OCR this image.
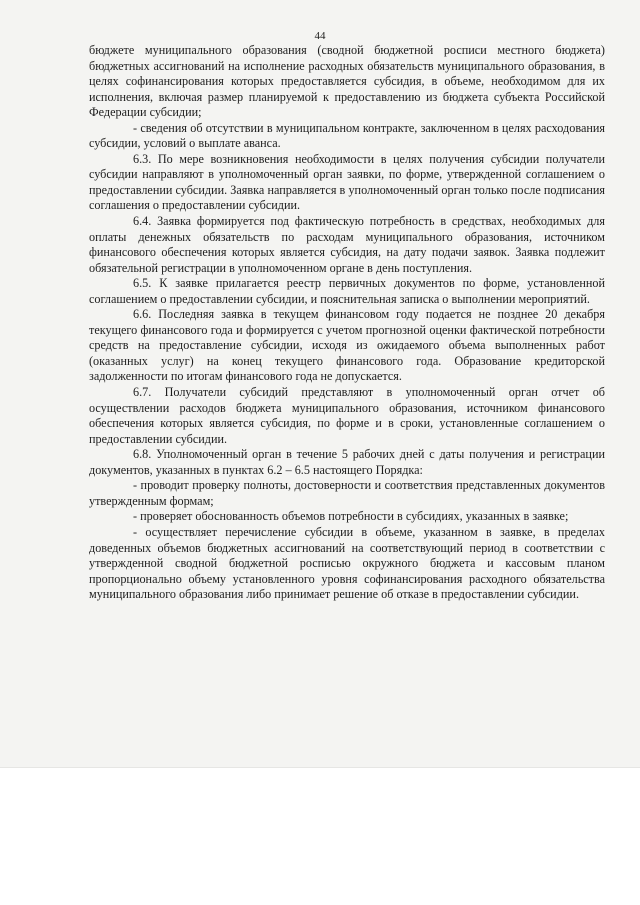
44

бюджете муниципального образования (сводной бюджетной росписи местного бюджета) бюджетных ассигнований на исполнение расходных обязательств муниципального образования, в целях софинансирования которых предоставляется субсидия, в объеме, необходимом для их исполнения, включая размер планируемой к предоставлению из бюджета субъекта Российской Федерации субсидии;

- сведения об отсутствии в муниципальном контракте, заключенном в целях расходования субсидии, условий о выплате аванса.

6.3. По мере возникновения необходимости в целях получения субсидии получатели субсидии направляют в уполномоченный орган заявки, по форме, утвержденной соглашением о предоставлении субсидии. Заявка направляется в уполномоченный орган только после подписания соглашения о предоставлении субсидии.

6.4. Заявка формируется под фактическую потребность в средствах, необходимых для оплаты денежных обязательств по расходам муниципального образования, источником финансового обеспечения которых является субсидия, на дату подачи заявок. Заявка подлежит обязательной регистрации в уполномоченном органе в день поступления.

6.5. К заявке прилагается реестр первичных документов по форме, установленной соглашением о предоставлении субсидии, и пояснительная записка о выполнении мероприятий.

6.6. Последняя заявка в текущем финансовом году подается не позднее 20 декабря текущего финансового года и формируется с учетом прогнозной оценки фактической потребности средств на предоставление субсидии, исходя из ожидаемого объема выполненных работ (оказанных услуг) на конец текущего финансового года. Образование кредиторской задолженности по итогам финансового года не допускается.

6.7. Получатели субсидий представляют в уполномоченный орган отчет об осуществлении расходов бюджета муниципального образования, источником финансового обеспечения которых является субсидия, по форме и в сроки, установленные соглашением о предоставлении субсидии.

6.8. Уполномоченный орган в течение 5 рабочих дней с даты получения и регистрации документов, указанных в пунктах 6.2 – 6.5 настоящего Порядка:

- проводит проверку полноты, достоверности и соответствия представленных документов утвержденным формам;

- проверяет обоснованность объемов потребности в субсидиях, указанных в заявке;

- осуществляет перечисление субсидии в объеме, указанном в заявке, в пределах доведенных объемов бюджетных ассигнований на соответствующий период в соответствии с утвержденной сводной бюджетной росписью окружного бюджета и кассовым планом пропорционально объему установленного уровня софинансирования расходного обязательства муниципального образования либо принимает решение об отказе в предоставлении субсидии.
